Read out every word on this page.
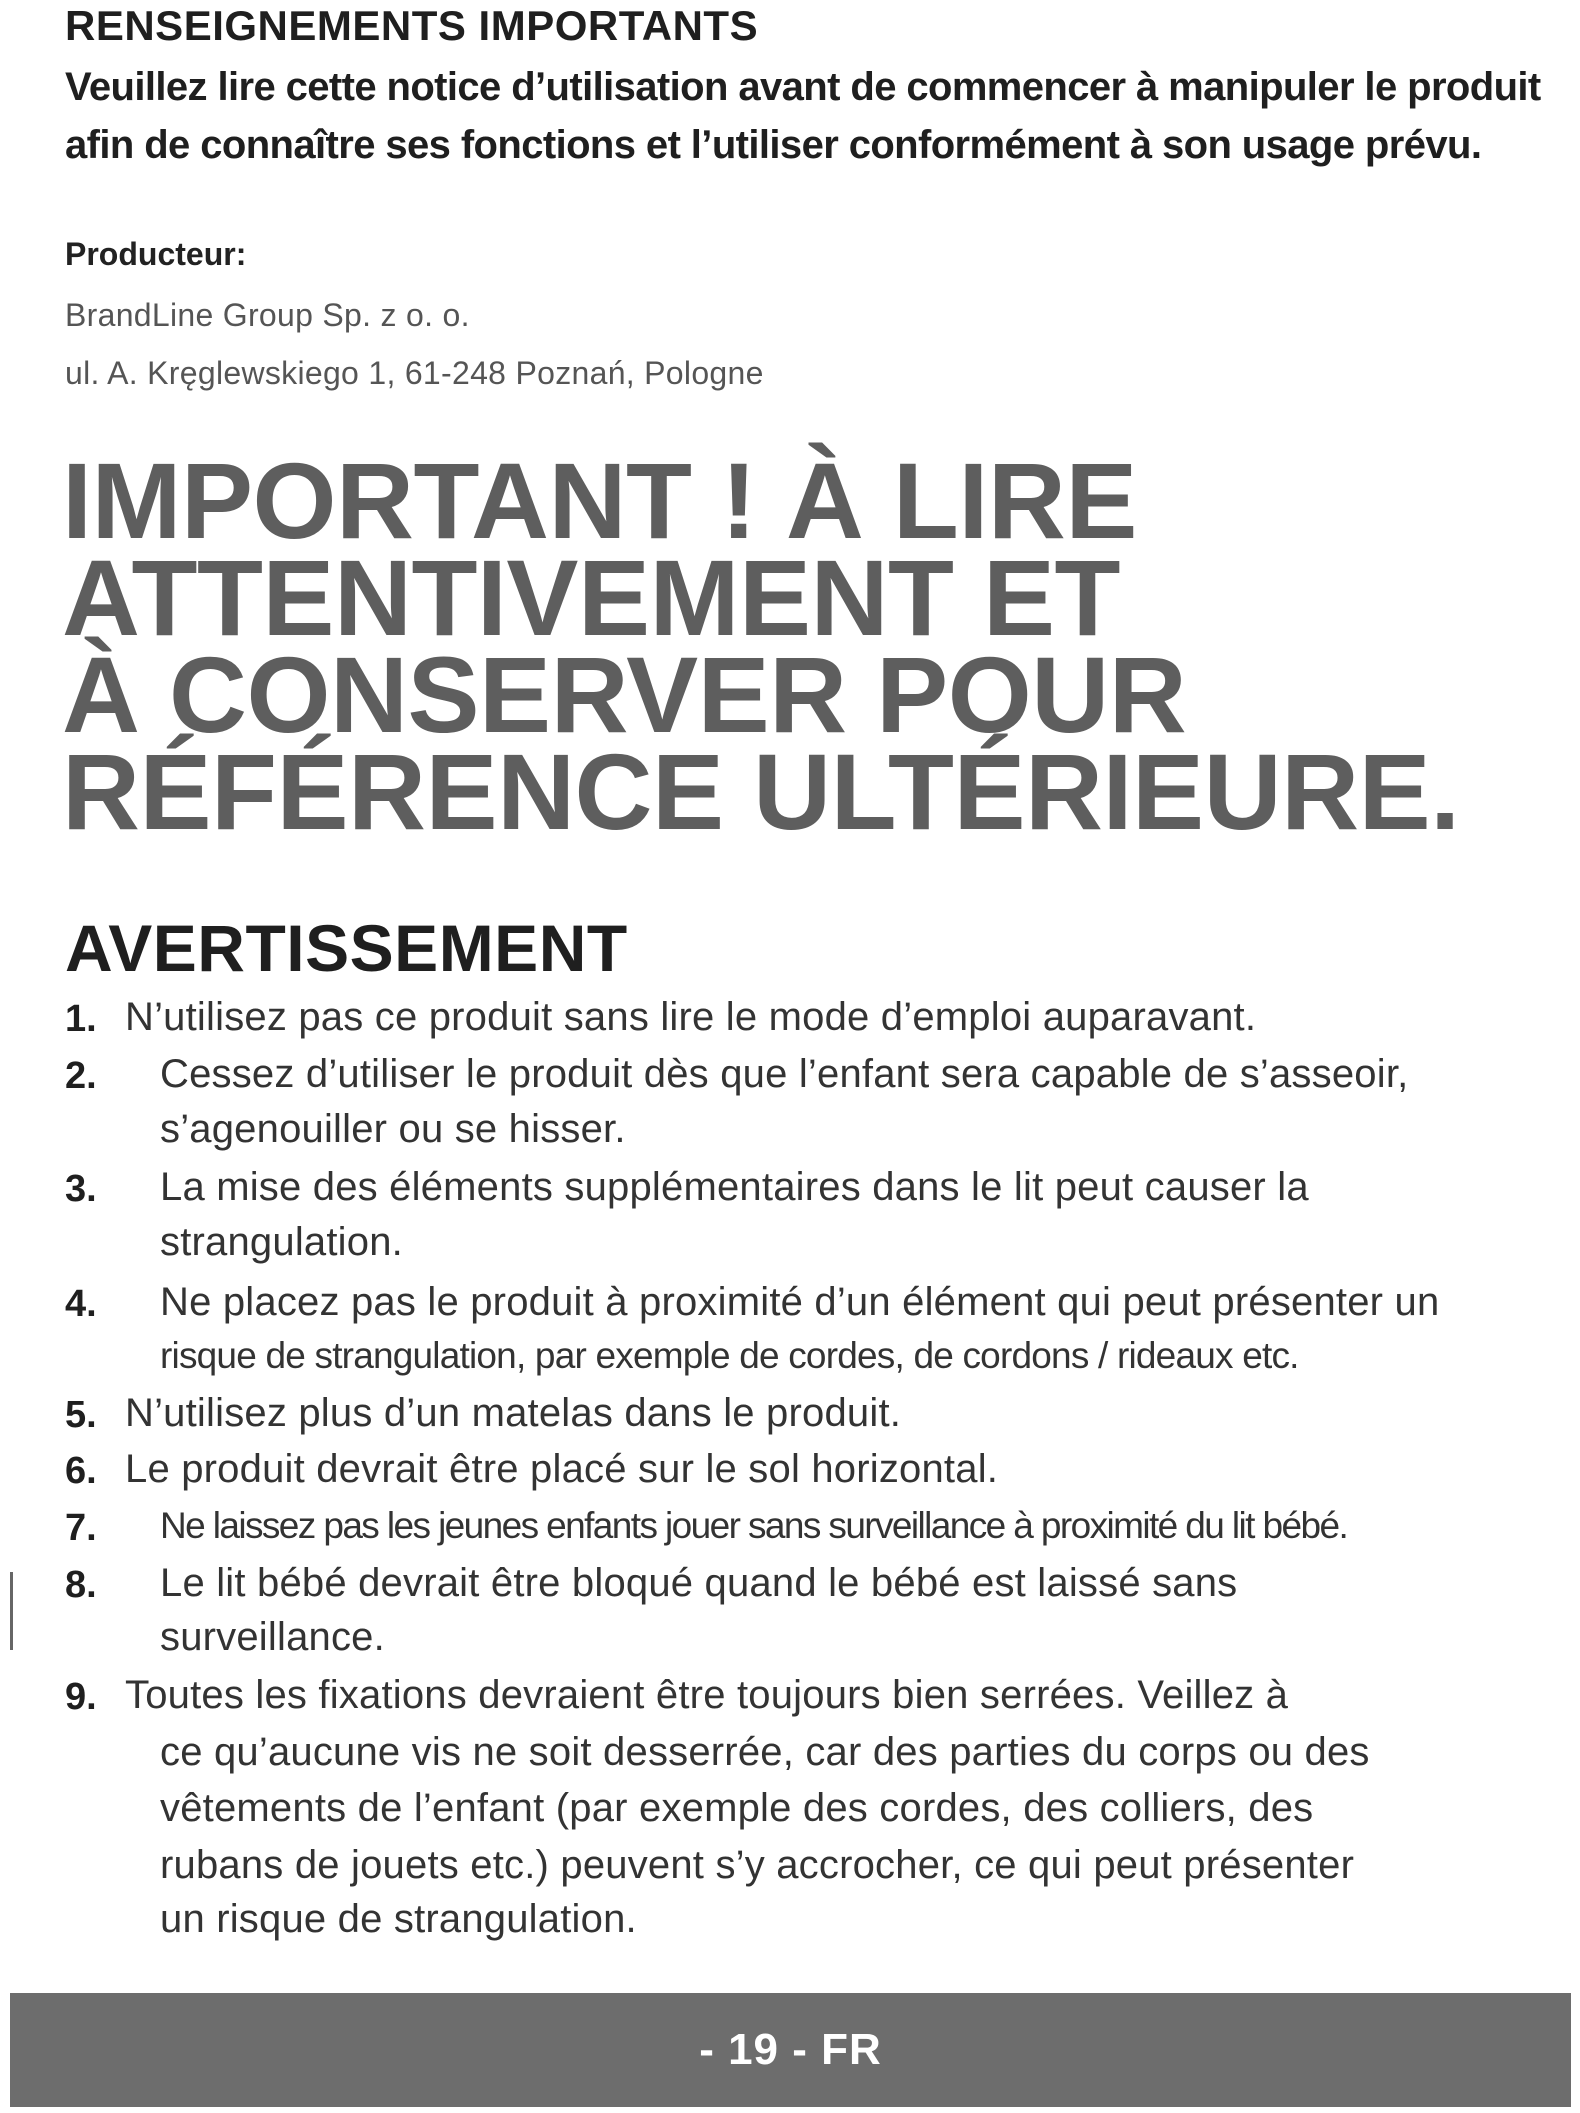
RENSEIGNEMENTS IMPORTANTS
Veuillez lire cette notice d’utilisation avant de commencer à manipuler le produit
afin de connaître ses fonctions et l’utiliser conformément à son usage prévu.
Producteur:
BrandLine Group Sp. z o. o.
ul. A. Kręglewskiego 1, 61-248 Poznań, Pologne
IMPORTANT ! À LIRE
ATTENTIVEMENT ET
À CONSERVER POUR
RÉFÉRENCE ULTÉRIEURE.
AVERTISSEMENT
1. N’utilisez pas ce produit sans lire le mode d’emploi auparavant.
2. Cessez d’utiliser le produit dès que l’enfant sera capable de s’asseoir,
s’agenouiller ou se hisser.
3. La mise des éléments supplémentaires dans le lit peut causer la
strangulation.
4. Ne placez pas le produit à proximité d’un élément qui peut présenter un
risque de strangulation, par exemple de cordes, de cordons / rideaux etc.
5. N’utilisez plus d’un matelas dans le produit.
6. Le produit devrait être placé sur le sol horizontal.
7. Ne laissez pas les jeunes enfants jouer sans surveillance à proximité du lit bébé.
8. Le lit bébé devrait être bloqué quand le bébé est laissé sans
surveillance.
9. Toutes les fixations devraient être toujours bien serrées. Veillez à
ce qu’aucune vis ne soit desserrée, car des parties du corps ou des
vêtements de l’enfant (par exemple des cordes, des colliers, des
rubans de jouets etc.) peuvent s’y accrocher, ce qui peut présenter
un risque de strangulation.
- 19 - FR
